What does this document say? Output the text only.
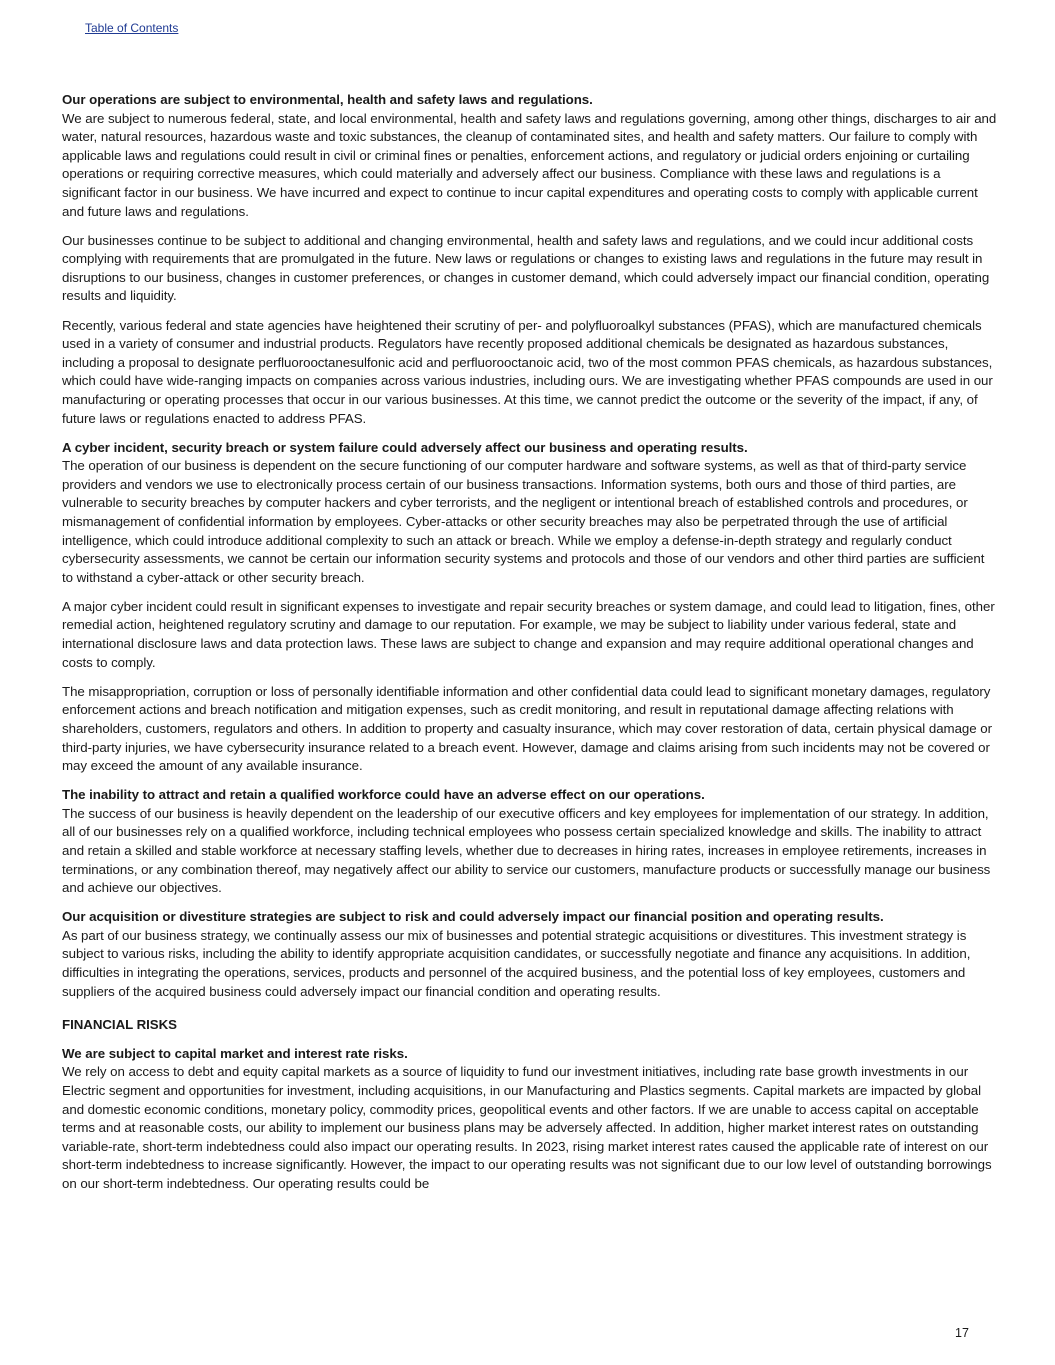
Table of Contents

Our operations are subject to environmental, health and safety laws and regulations.
We are subject to numerous federal, state, and local environmental, health and safety laws and regulations governing, among other things, discharges to air and water, natural resources, hazardous waste and toxic substances, the cleanup of contaminated sites, and health and safety matters. Our failure to comply with applicable laws and regulations could result in civil or criminal fines or penalties, enforcement actions, and regulatory or judicial orders enjoining or curtailing operations or requiring corrective measures, which could materially and adversely affect our business. Compliance with these laws and regulations is a significant factor in our business. We have incurred and expect to continue to incur capital expenditures and operating costs to comply with applicable current and future laws and regulations.

Our businesses continue to be subject to additional and changing environmental, health and safety laws and regulations, and we could incur additional costs complying with requirements that are promulgated in the future. New laws or regulations or changes to existing laws and regulations in the future may result in disruptions to our business, changes in customer preferences, or changes in customer demand, which could adversely impact our financial condition, operating results and liquidity.

Recently, various federal and state agencies have heightened their scrutiny of per- and polyfluoroalkyl substances (PFAS), which are manufactured chemicals used in a variety of consumer and industrial products. Regulators have recently proposed additional chemicals be designated as hazardous substances, including a proposal to designate perfluorooctanesulfonic acid and perfluorooctanoic acid, two of the most common PFAS chemicals, as hazardous substances, which could have wide-ranging impacts on companies across various industries, including ours. We are investigating whether PFAS compounds are used in our manufacturing or operating processes that occur in our various businesses. At this time, we cannot predict the outcome or the severity of the impact, if any, of future laws or regulations enacted to address PFAS.

A cyber incident, security breach or system failure could adversely affect our business and operating results.
The operation of our business is dependent on the secure functioning of our computer hardware and software systems, as well as that of third-party service providers and vendors we use to electronically process certain of our business transactions. Information systems, both ours and those of third parties, are vulnerable to security breaches by computer hackers and cyber terrorists, and the negligent or intentional breach of established controls and procedures, or mismanagement of confidential information by employees. Cyber-attacks or other security breaches may also be perpetrated through the use of artificial intelligence, which could introduce additional complexity to such an attack or breach. While we employ a defense-in-depth strategy and regularly conduct cybersecurity assessments, we cannot be certain our information security systems and protocols and those of our vendors and other third parties are sufficient to withstand a cyber-attack or other security breach.

A major cyber incident could result in significant expenses to investigate and repair security breaches or system damage, and could lead to litigation, fines, other remedial action, heightened regulatory scrutiny and damage to our reputation. For example, we may be subject to liability under various federal, state and international disclosure laws and data protection laws. These laws are subject to change and expansion and may require additional operational changes and costs to comply.

The misappropriation, corruption or loss of personally identifiable information and other confidential data could lead to significant monetary damages, regulatory enforcement actions and breach notification and mitigation expenses, such as credit monitoring, and result in reputational damage affecting relations with shareholders, customers, regulators and others. In addition to property and casualty insurance, which may cover restoration of data, certain physical damage or third-party injuries, we have cybersecurity insurance related to a breach event. However, damage and claims arising from such incidents may not be covered or may exceed the amount of any available insurance.

The inability to attract and retain a qualified workforce could have an adverse effect on our operations.
The success of our business is heavily dependent on the leadership of our executive officers and key employees for implementation of our strategy. In addition, all of our businesses rely on a qualified workforce, including technical employees who possess certain specialized knowledge and skills. The inability to attract and retain a skilled and stable workforce at necessary staffing levels, whether due to decreases in hiring rates, increases in employee retirements, increases in terminations, or any combination thereof, may negatively affect our ability to service our customers, manufacture products or successfully manage our business and achieve our objectives.

Our acquisition or divestiture strategies are subject to risk and could adversely impact our financial position and operating results.
As part of our business strategy, we continually assess our mix of businesses and potential strategic acquisitions or divestitures. This investment strategy is subject to various risks, including the ability to identify appropriate acquisition candidates, or successfully negotiate and finance any acquisitions. In addition, difficulties in integrating the operations, services, products and personnel of the acquired business, and the potential loss of key employees, customers and suppliers of the acquired business could adversely impact our financial condition and operating results.

FINANCIAL RISKS

We are subject to capital market and interest rate risks.
We rely on access to debt and equity capital markets as a source of liquidity to fund our investment initiatives, including rate base growth investments in our Electric segment and opportunities for investment, including acquisitions, in our Manufacturing and Plastics segments. Capital markets are impacted by global and domestic economic conditions, monetary policy, commodity prices, geopolitical events and other factors. If we are unable to access capital on acceptable terms and at reasonable costs, our ability to implement our business plans may be adversely affected. In addition, higher market interest rates on outstanding variable-rate, short-term indebtedness could also impact our operating results. In 2023, rising market interest rates caused the applicable rate of interest on our short-term indebtedness to increase significantly. However, the impact to our operating results was not significant due to our low level of outstanding borrowings on our short-term indebtedness. Our operating results could be

17
